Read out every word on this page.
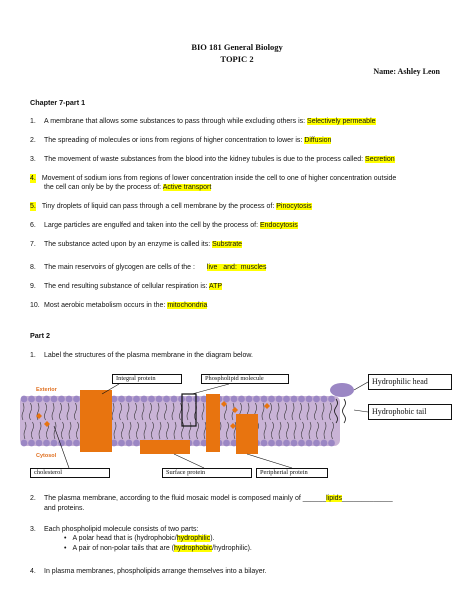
BIO 181 General Biology
TOPIC 2
Name: Ashley Leon
Chapter 7-part 1
1. A membrane that allows some substances to pass through while excluding others is: Selectively permeable
2. The spreading of molecules or ions from regions of higher concentration to lower is: Diffusion
3. The movement of waste substances from the blood into the kidney tubules is due to the process called: Secretion
4. Movement of sodium ions from regions of lower concentration inside the cell to one of higher concentration outside
the cell can only be by the process of: Active transport
5. Tiny droplets of liquid can pass through a cell membrane by the process of: Pinocytosis
6. Large particles are engulfed and taken into the cell by the process of: Endocytosis
7. The substance acted upon by an enzyme is called its: Substrate
8. The main reservoirs of glycogen are cells of the : live   and:  muscles
9. The end resulting substance of cellular respiration is: ATP
10. Most aerobic metabolism occurs in the: mitochondria
Part 2
1. Label the structures of the plasma membrane in the diagram below.
Exterior
Cytosol
Integral protein	Phospholipid molecule
cholesterol	Surface protein	Peripherial protein
Hydrophilic head
Hydrophobic tail
2. The plasma membrane, according to the fluid mosaic model is composed mainly of ______lipids_____________
and proteins.
3. Each phospholipid molecule consists of two parts:
• A polar head that is (hydrophobic/hydrophilic).
• A pair of non-polar tails that are (hydrophobic/hydrophilic).
4. In plasma membranes, phospholipids arrange themselves into a bilayer.
